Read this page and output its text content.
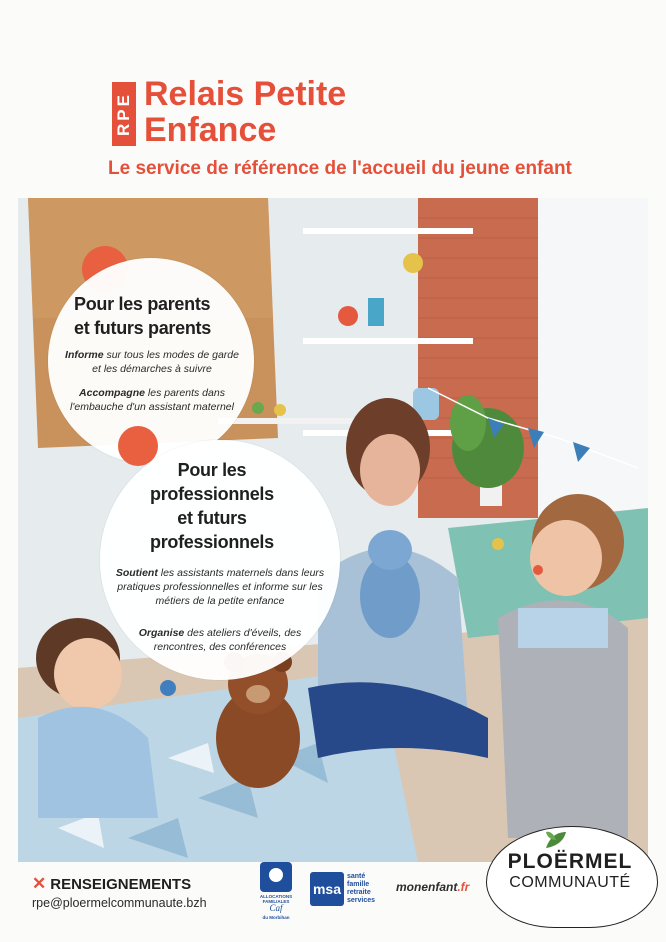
RPE Relais Petite
Enfance

Le service de référence de l'accueil du jeune enfant

Pour les parents
et futurs parents

Informe sur tous les modes de garde et les démarches à suivre

Accompagne les parents dans l'embauche d'un assistant maternel

Pour les
professionnels
et futurs
professionnels

Soutient les assistants maternels dans leurs pratiques professionnelles et informe sur les métiers de la petite enfance

Organise des ateliers d'éveils, des rencontres, des conférences

✕ RENSEIGNEMENTS

rpe@ploermelcommunaute.bzh	ALLOCATIONS FAMILIALES
Caf
du Morbihan
msa
santé
famille
retraite
services

monenfant.fr

PLOËRMEL

COMMUNAUTÉ
